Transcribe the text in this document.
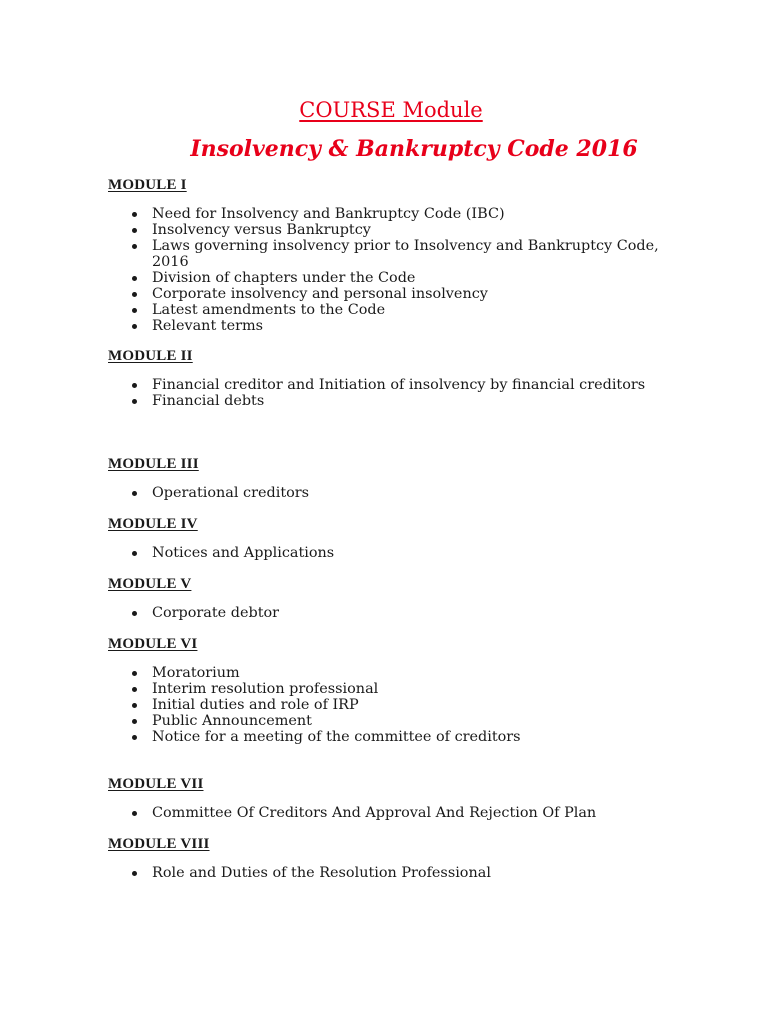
COURSE Module
Insolvency & Bankruptcy Code 2016
MODULE I
Need for Insolvency and Bankruptcy Code (IBC)
Insolvency versus Bankruptcy
Laws governing insolvency prior to Insolvency and Bankruptcy Code, 2016
Division of chapters under the Code
Corporate insolvency and personal insolvency
Latest amendments to the Code
Relevant terms
MODULE II
Financial creditor and Initiation of insolvency by financial creditors
Financial debts
MODULE III
Operational creditors
MODULE IV
Notices and Applications
MODULE V
Corporate debtor
MODULE VI
Moratorium
Interim resolution professional
Initial duties and role of IRP
Public Announcement
Notice for a meeting of the committee of creditors
MODULE VII
Committee Of Creditors And Approval And Rejection Of Plan
MODULE VIII
Role and Duties of the Resolution Professional
